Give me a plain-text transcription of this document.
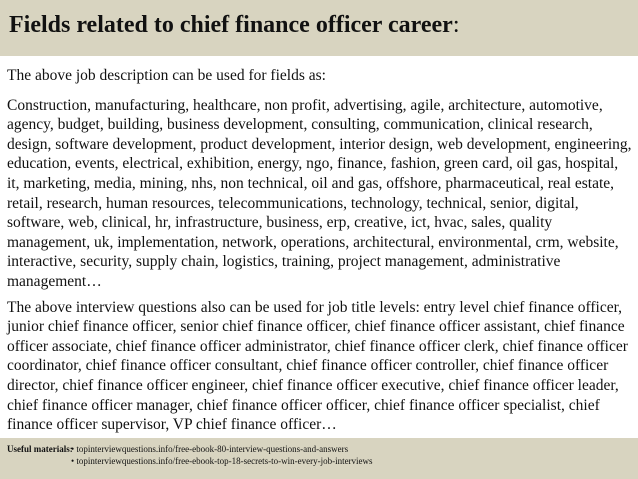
Fields related to chief finance officer career:

The above job description can be used for fields as:

Construction, manufacturing, healthcare, non profit, advertising, agile, architecture, automotive, agency, budget, building, business development, consulting, communication, clinical research, design, software development, product development, interior design, web development, engineering, education, events, electrical, exhibition, energy, ngo, finance, fashion, green card, oil gas, hospital, it, marketing, media, mining, nhs, non technical, oil and gas, offshore, pharmaceutical, real estate, retail, research, human resources, telecommunications, technology, technical, senior, digital, software, web, clinical, hr, infrastructure, business, erp, creative, ict, hvac, sales, quality management, uk, implementation, network, operations, architectural, environmental, crm, website, interactive, security, supply chain, logistics, training, project management, administrative management…

The above interview questions also can be used for job title levels: entry level chief finance officer, junior chief finance officer, senior chief finance officer, chief finance officer assistant, chief finance officer associate, chief finance officer administrator, chief finance officer clerk, chief finance officer coordinator, chief finance officer consultant, chief finance officer controller, chief finance officer director, chief finance officer engineer, chief finance officer executive, chief finance officer leader, chief finance officer manager, chief finance officer officer, chief finance officer specialist, chief finance officer supervisor, VP chief finance officer…

Useful materials:
• topinterviewquestions.info/free-ebook-80-interview-questions-and-answers
• topinterviewquestions.info/free-ebook-top-18-secrets-to-win-every-job-interviews
